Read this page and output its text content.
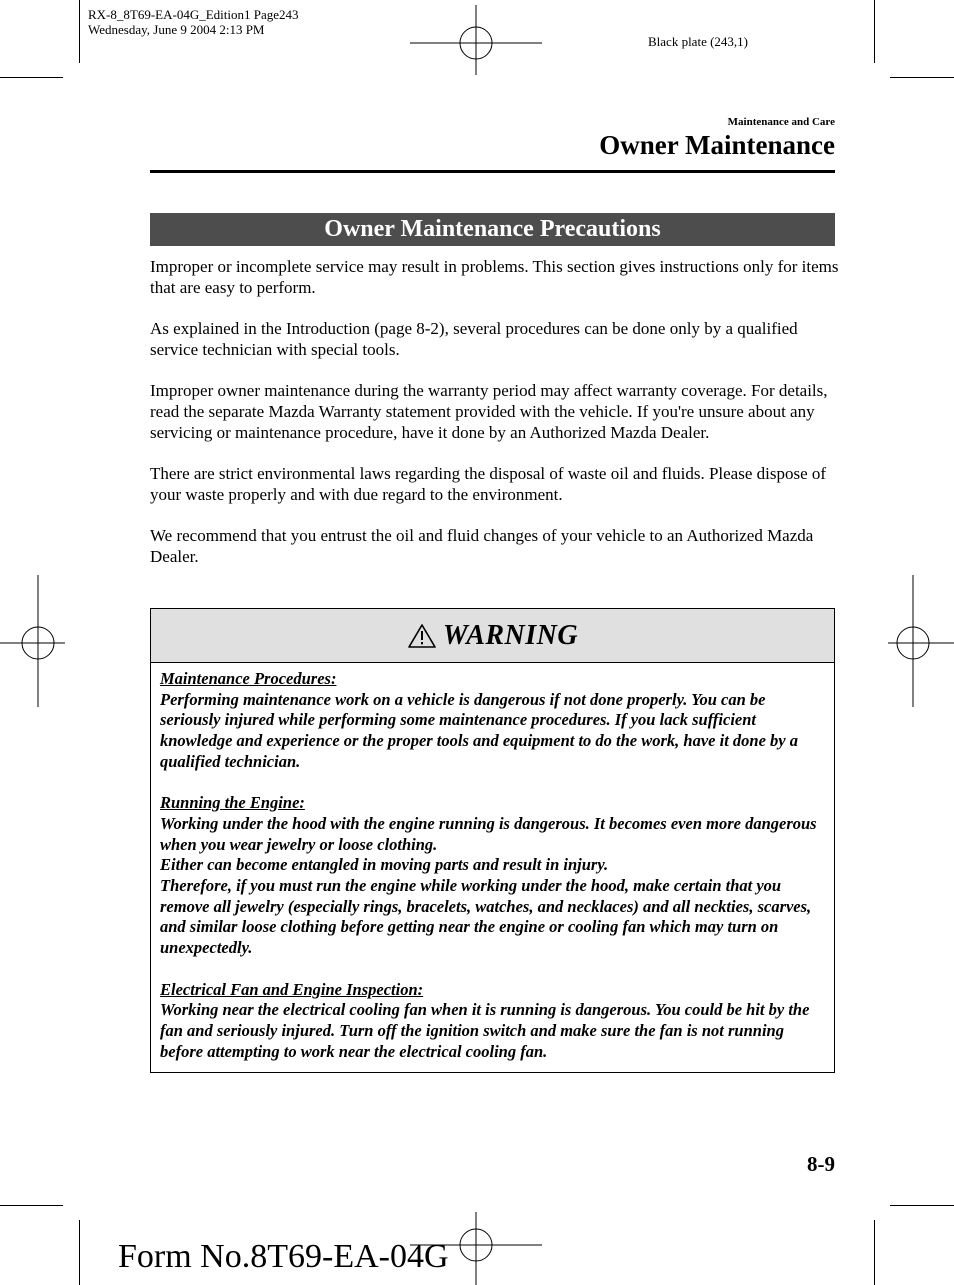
RX-8_8T69-EA-04G_Edition1 Page243
Wednesday, June 9 2004 2:13 PM
Black plate (243,1)
Maintenance and Care
Owner Maintenance
Owner Maintenance Precautions

Improper or incomplete service may result in problems. This section gives instructions only for items that are easy to perform.

As explained in the Introduction (page 8-2), several procedures can be done only by a qualified service technician with special tools.

Improper owner maintenance during the warranty period may affect warranty coverage. For details, read the separate Mazda Warranty statement provided with the vehicle. If you're unsure about any servicing or maintenance procedure, have it done by an Authorized Mazda Dealer.

There are strict environmental laws regarding the disposal of waste oil and fluids. Please dispose of your waste properly and with due regard to the environment.

We recommend that you entrust the oil and fluid changes of your vehicle to an Authorized Mazda Dealer.

WARNING
Maintenance Procedures:
Performing maintenance work on a vehicle is dangerous if not done properly. You can be seriously injured while performing some maintenance procedures. If you lack sufficient knowledge and experience or the proper tools and equipment to do the work, have it done by a qualified technician.
Running the Engine:
Working under the hood with the engine running is dangerous. It becomes even more dangerous when you wear jewelry or loose clothing.
Either can become entangled in moving parts and result in injury.
Therefore, if you must run the engine while working under the hood, make certain that you remove all jewelry (especially rings, bracelets, watches, and necklaces) and all neckties, scarves, and similar loose clothing before getting near the engine or cooling fan which may turn on unexpectedly.
Electrical Fan and Engine Inspection:
Working near the electrical cooling fan when it is running is dangerous. You could be hit by the fan and seriously injured. Turn off the ignition switch and make sure the fan is not running before attempting to work near the electrical cooling fan.
8-9
Form No.8T69-EA-04G
